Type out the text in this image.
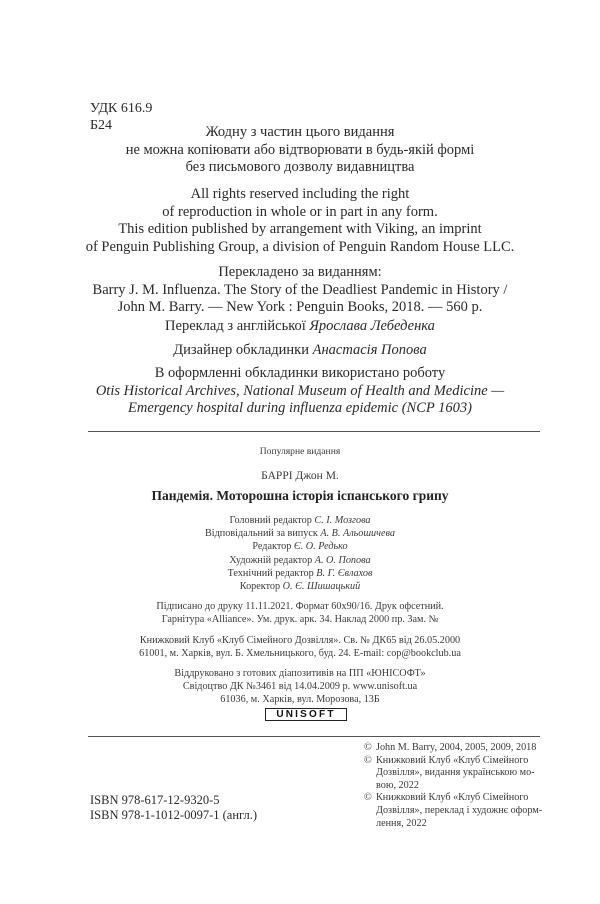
УДК 616.9
Б24	Жодну з частин цього видання
не можна копіювати або відтворювати в будь-якій формі
без письмового дозволу видавництва
All rights reserved including the right
of reproduction in whole or in part in any form.
This edition published by arrangement with Viking, an imprint
of Penguin Publishing Group, a division of Penguin Random House LLC.
Перекладено за виданням:
Barry J. M. Influenza. The Story of the Deadliest Pandemic in History /
John M. Barry. — New York : Penguin Books, 2018. — 560 p.
Переклад з англійської Ярослава Лебеденка
Дизайнер обкладинки Анастасія Попова
В оформленні обкладинки використано роботу
Otis Historical Archives, National Museum of Health and Medicine —
Emergency hospital during influenza epidemic (NCP 1603)
Популярне видання
БАРРІ Джон М.
Пандемія. Моторошна історія іспанського грипу
Головний редактор С. І. Мозгова
Відповідальний за випуск А. В. Альошичева
Редактор Є. О. Редько
Художній редактор А. О. Попова
Технічний редактор В. Г. Євлахов
Коректор О. Є. Шишацький
Підписано до друку 11.11.2021. Формат 60x90/16. Друк офсетний.
Гарнітура «Alliance». Ум. друк. арк. 34. Наклад 2000 пр. Зам. №
Книжковий Клуб «Клуб Сімейного Дозвілля». Св. № ДК65 від 26.05.2000
61001, м. Харків, вул. Б. Хмельницького, буд. 24. E-mail: cop@bookclub.ua
Віддруковано з готових діапозитивів на ПП «ЮНІСОФТ»
Свідоцтво ДК №3461 від 14.04.2009 р. www.unisoft.ua
61036, м. Харків, вул. Морозова, 13Б
UNISOFT
© John M. Barry, 2004, 2005, 2009, 2018
© Книжковий Клуб «Клуб Сімейного
Дозвілля», видання українською мо-
вою, 2022
© Книжковий Клуб «Клуб Сімейного
Дозвілля», переклад і художнє оформ-
лення, 2022
ISBN 978-617-12-9320-5
ISBN 978-1-1012-0097-1 (англ.)
